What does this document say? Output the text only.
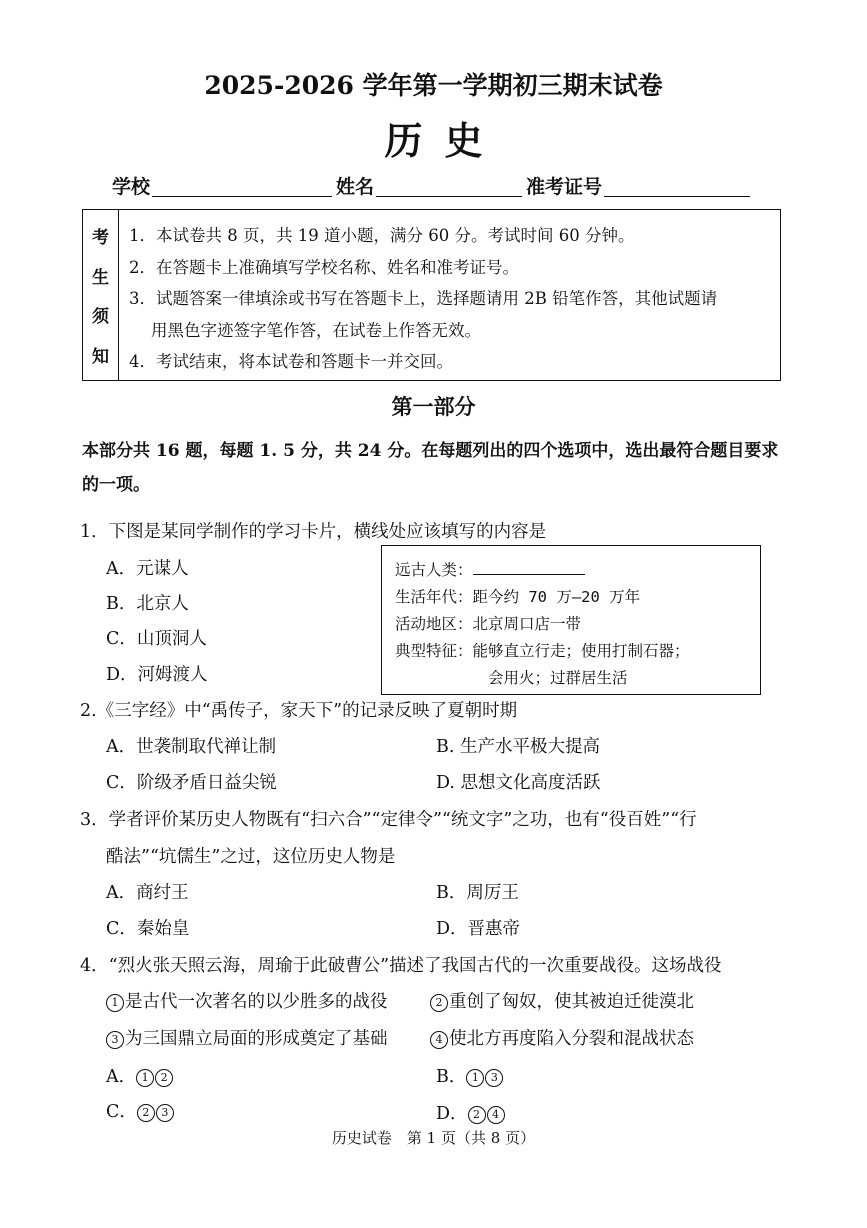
2025-2026 学年第一学期初三期末试卷
历史
学校	姓名	准考证号
考
生
须
知
1．本试卷共 8 页，共 19 道小题，满分 60 分。考试时间 60 分钟。
2．在答题卡上准确填写学校名称、姓名和准考证号。
3．试题答案一律填涂或书写在答题卡上，选择题请用 2B 铅笔作答，其他试题请
用黑色字迹签字笔作答，在试卷上作答无效。
4．考试结束，将本试卷和答题卡一并交回。
第一部分
本部分共 16 题，每题 1. 5 分，共 24 分。在每题列出的四个选项中，选出最符合题目要求的一项。
1．下图是某同学制作的学习卡片，横线处应该填写的内容是
A．元谋人
B．北京人
C．山顶洞人
D．河姆渡人
远古人类：
生活年代：距今约 70 万—20 万年
活动地区：北京周口店一带
典型特征：能够直立行走；使用打制石器；
会用火；过群居生活
2.《三字经》中“禹传子，家天下”的记录反映了夏朝时期
A．世袭制取代禅让制	B. 生产水平极大提高
C．阶级矛盾日益尖锐	D. 思想文化高度活跃
3．学者评价某历史人物既有“扫六合”“定律令”“统文字”之功，也有“役百姓”“行
酷法”“坑儒生”之过，这位历史人物是
A．商纣王	B．周厉王
C．秦始皇	D．晋惠帝
4．“烈火张天照云海，周瑜于此破曹公”描述了我国古代的一次重要战役。这场战役
1 是古代一次著名的以少胜多的战役	2 重创了匈奴，使其被迫迁徙漠北
3 为三国鼎立局面的形成奠定了基础	4 使北方再度陷入分裂和混战状态
A． 1 2	B． 1 3
C． 2 3	D． 2 4
历史试卷　第 1 页（共 8 页）
